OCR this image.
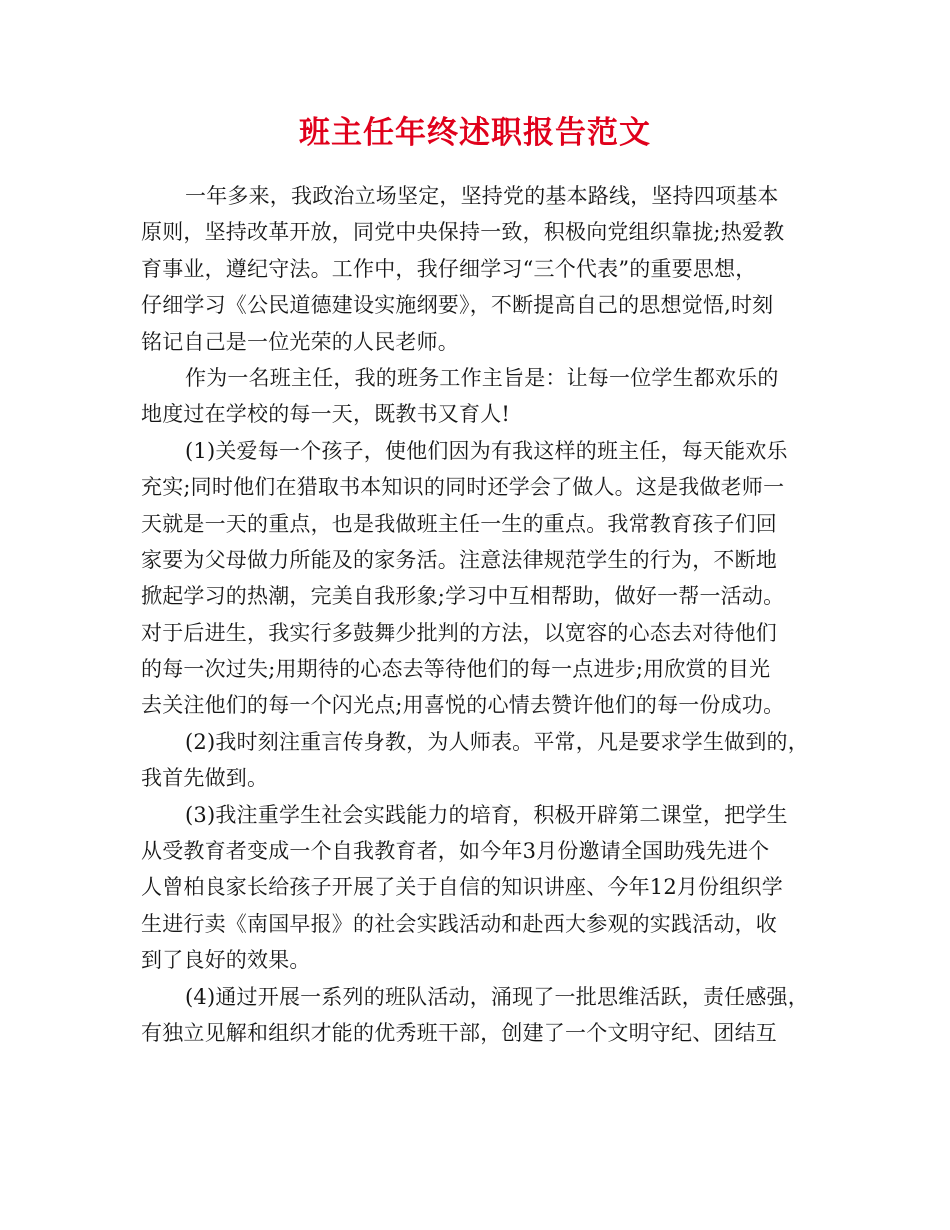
班主任年终述职报告范文
一年多来，我政治立场坚定，坚持党的基本路线，坚持四项基本
原则，坚持改革开放，同党中央保持一致，积极向党组织靠拢;热爱教
育事业，遵纪守法。工作中，我仔细学习“三个代表”的重要思想，
仔细学习《公民道德建设实施纲要》，不断提高自己的思想觉悟,时刻
铭记自己是一位光荣的人民老师。
作为一名班主任，我的班务工作主旨是：让每一位学生都欢乐的
地度过在学校的每一天，既教书又育人!
(1)关爱每一个孩子，使他们因为有我这样的班主任，每天能欢乐
充实;同时他们在猎取书本知识的同时还学会了做人。这是我做老师一
天就是一天的重点，也是我做班主任一生的重点。我常教育孩子们回
家要为父母做力所能及的家务活。注意法律规范学生的行为，不断地
掀起学习的热潮，完美自我形象;学习中互相帮助，做好一帮一活动。
对于后进生，我实行多鼓舞少批判的方法，以宽容的心态去对待他们
的每一次过失;用期待的心态去等待他们的每一点进步;用欣赏的目光
去关注他们的每一个闪光点;用喜悦的心情去赞许他们的每一份成功。
(2)我时刻注重言传身教，为人师表。平常，凡是要求学生做到的，
我首先做到。
(3)我注重学生社会实践能力的培育，积极开辟第二课堂，把学生
从受教育者变成一个自我教育者，如今年3月份邀请全国助残先进个
人曾柏良家长给孩子开展了关于自信的知识讲座、今年12月份组织学
生进行卖《南国早报》的社会实践活动和赴西大参观的实践活动，收
到了良好的效果。
(4)通过开展一系列的班队活动，涌现了一批思维活跃，责任感强，
有独立见解和组织才能的优秀班干部，创建了一个文明守纪、团结互
